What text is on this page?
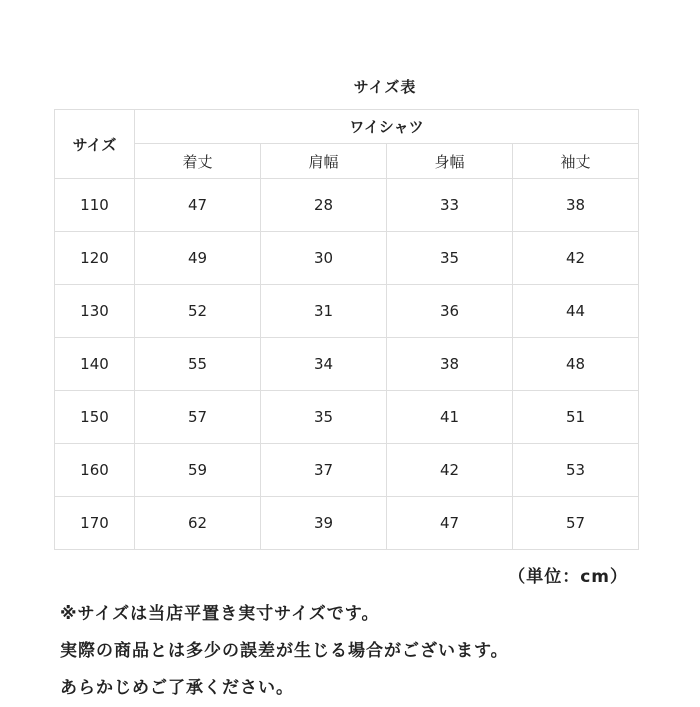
サイズ表
サイズ	ワイシャツ			
	着丈	肩幅	身幅	袖丈
110	47	28	33	38
120	49	30	35	42
130	52	31	36	44
140	55	34	38	48
150	57	35	41	51
160	59	37	42	53
170	62	39	47	57
（単位：cm）
※サイズは当店平置き実寸サイズです。
実際の商品とは多少の誤差が生じる場合がございます。
あらかじめご了承ください。
